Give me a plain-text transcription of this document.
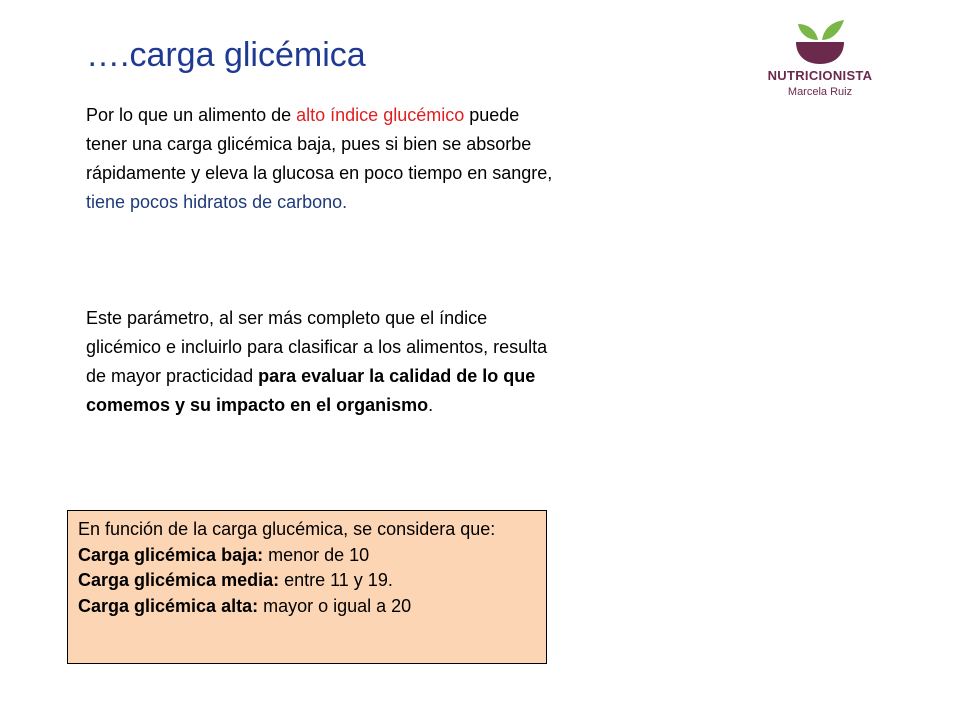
….carga glicémica
NUTRICIONISTA
Marcela Ruiz
Por lo que un alimento de alto índice glucémico puede tener una carga glicémica baja, pues si bien se absorbe rápidamente y eleva la glucosa en poco tiempo en sangre, tiene pocos hidratos de carbono.
Este parámetro, al ser más completo que el índice glicémico e incluirlo para clasificar a los alimentos, resulta de mayor practicidad para evaluar la calidad de lo que comemos y su impacto en el organismo.
En función de la carga glucémica, se considera que:
Carga glicémica baja: menor de 10
Carga glicémica media: entre 11 y 19.
Carga glicémica alta: mayor o igual a 20
